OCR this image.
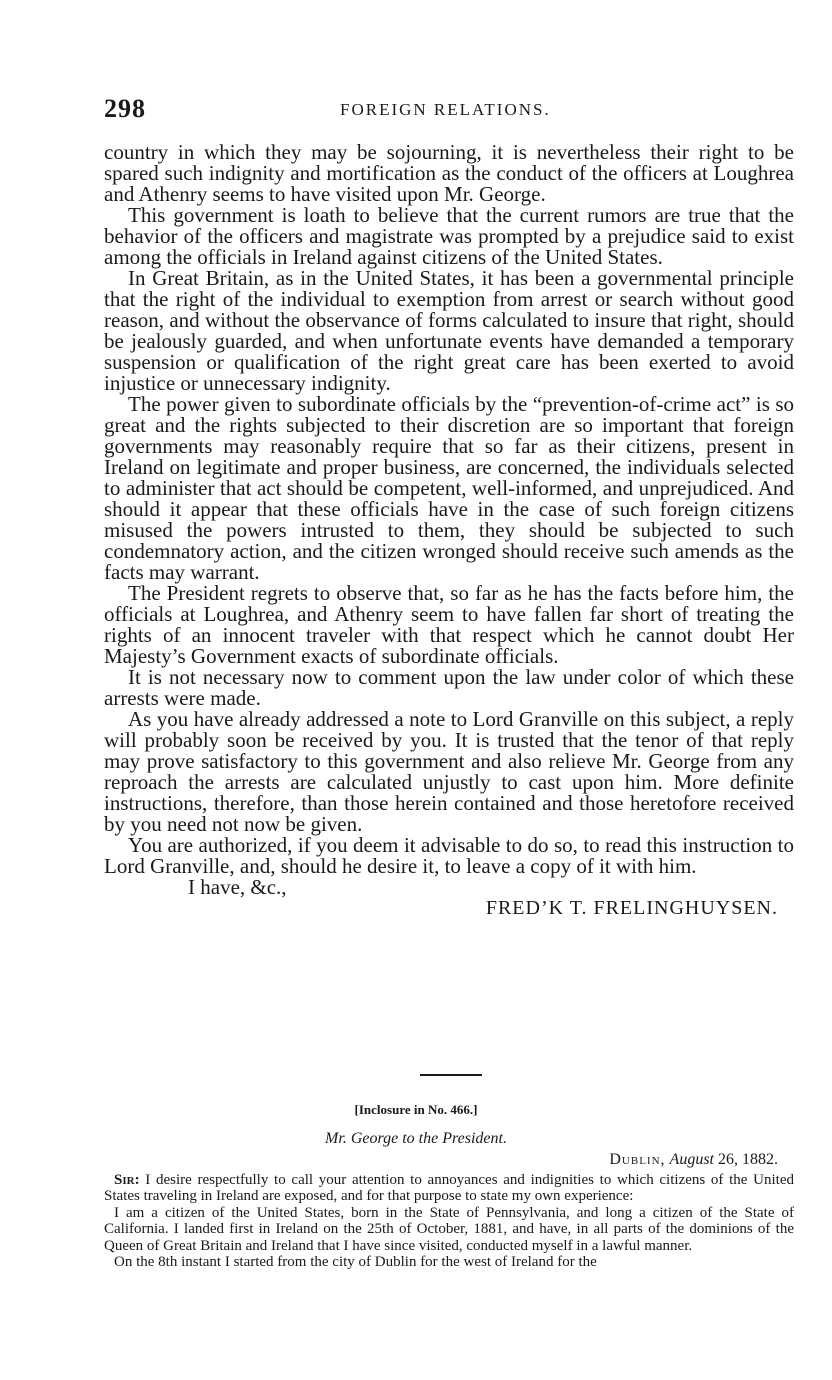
298	FOREIGN RELATIONS.

country in which they may be sojourning, it is nevertheless their right to be spared such indignity and mortification as the conduct of the officers at Loughrea and Athenry seems to have visited upon Mr. George.

This government is loath to believe that the current rumors are true that the behavior of the officers and magistrate was prompted by a prejudice said to exist among the officials in Ireland against citizens of the United States.

In Great Britain, as in the United States, it has been a governmental principle that the right of the individual to exemption from arrest or search without good reason, and without the observance of forms calculated to insure that right, should be jealously guarded, and when unfortunate events have demanded a temporary suspension or qualification of the right great care has been exerted to avoid injustice or unnecessary indignity.

The power given to subordinate officials by the “prevention-of-crime act” is so great and the rights subjected to their discretion are so important that foreign governments may reasonably require that so far as their citizens, present in Ireland on legitimate and proper business, are concerned, the individuals selected to administer that act should be competent, well-informed, and unprejudiced. And should it appear that these officials have in the case of such foreign citizens misused the powers intrusted to them, they should be subjected to such condemnatory action, and the citizen wronged should receive such amends as the facts may warrant.

The President regrets to observe that, so far as he has the facts before him, the officials at Loughrea, and Athenry seem to have fallen far short of treating the rights of an innocent traveler with that respect which he cannot doubt Her Majesty’s Government exacts of subordinate officials.

It is not necessary now to comment upon the law under color of which these arrests were made.

As you have already addressed a note to Lord Granville on this subject, a reply will probably soon be received by you. It is trusted that the tenor of that reply may prove satisfactory to this government and also relieve Mr. George from any reproach the arrests are calculated unjustly to cast upon him. More definite instructions, therefore, than those herein contained and those heretofore received by you need not now be given.

You are authorized, if you deem it advisable to do so, to read this instruction to Lord Granville, and, should he desire it, to leave a copy of it with him.

I have, &c.,

FRED’K T. FRELINGHUYSEN.

[Inclosure in No. 466.]
Mr. George to the President.
Dublin, August 26, 1882.

Sir: I desire respectfully to call your attention to annoyances and indignities to which citizens of the United States traveling in Ireland are exposed, and for that purpose to state my own experience:

I am a citizen of the United States, born in the State of Pennsylvania, and long a citizen of the State of California. I landed first in Ireland on the 25th of October, 1881, and have, in all parts of the dominions of the Queen of Great Britain and Ireland that I have since visited, conducted myself in a lawful manner.

On the 8th instant I started from the city of Dublin for the west of Ireland for the
